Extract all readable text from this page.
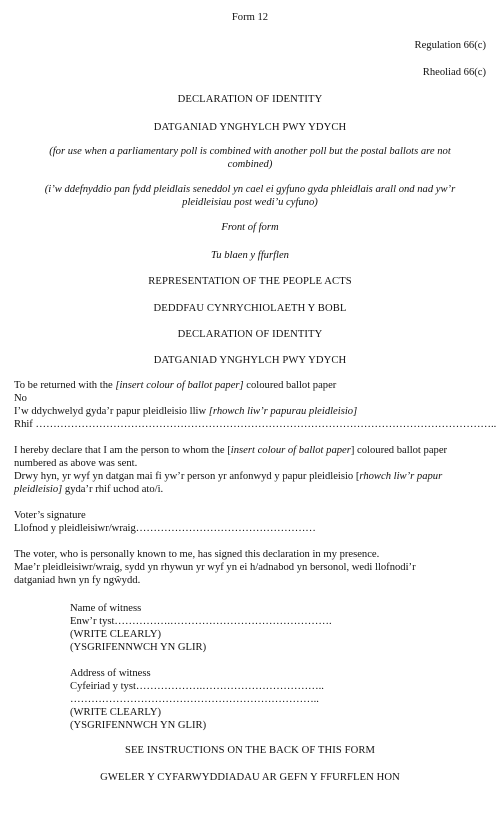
Form 12
Regulation 66(c)
Rheoliad 66(c)
DECLARATION OF IDENTITY
DATGANIAD YNGHYLCH PWY YDYCH
(for use when a parliamentary poll is combined with another poll but the postal ballots are not
combined)
(i’w ddefnyddio pan fydd pleidlais seneddol yn cael ei gyfuno gyda phleidlais arall ond nad yw’r
pleidleisiau post wedi’u cyfuno)
Front of form
Tu blaen y ffurflen
REPRESENTATION OF THE PEOPLE ACTS
DEDDFAU CYNRYCHIOLAETH Y BOBL
DECLARATION OF IDENTITY
DATGANIAD YNGHYLCH PWY YDYCH
To be returned with the [insert colour of ballot paper] coloured ballot paper
No
I’w ddychwelyd gyda’r papur pleidleisio lliw [rhowch liw’r papurau pleidleisio]
Rhif …………………………………………………………………………………………………………………..
I hereby declare that I am the person to whom the [insert colour of ballot paper] coloured ballot paper
numbered as above was sent.
Drwy hyn, yr wyf yn datgan mai fi yw’r person yr anfonwyd y papur pleidleisio [rhowch liw’r papur
pleidleisio] gyda’r rhif uchod ato/i.
Voter’s signature
Llofnod y pleidleisiwr/wraig……………………………………………
The voter, who is personally known to me, has signed this declaration in my presence.
Mae’r pleidleisiwr/wraig, sydd yn rhywun yr wyf yn ei h/adnabod yn bersonol, wedi llofnodi’r
datganiad hwn yn fy ngŵydd.
Name of witness
Enw’r tyst…………….……………………………………….
(WRITE CLEARLY)
(YSGRIFENNWCH YN GLIR)
Address of witness
Cyfeiriad y tyst……………….……………………………..
……………………………………………………………..
(WRITE CLEARLY)
(YSGRIFENNWCH YN GLIR)
SEE INSTRUCTIONS ON THE BACK OF THIS FORM
GWELER Y CYFARWYDDIADAU AR GEFN Y FFURFLEN HON
